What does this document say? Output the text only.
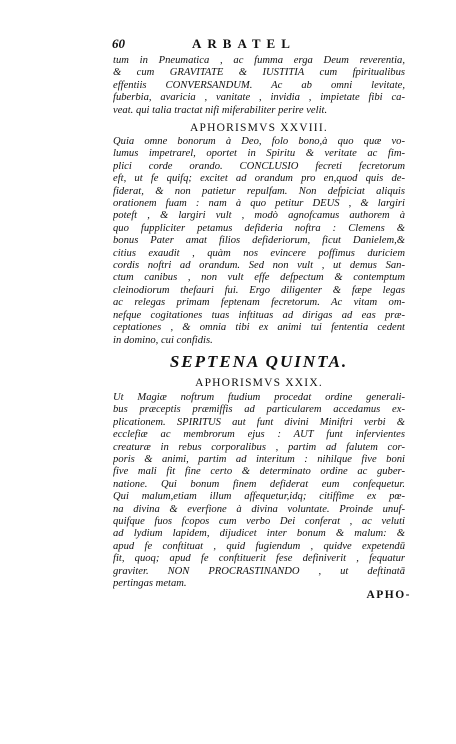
60	ARBATEL
tum in Pneumatica , ac fumma erga Deum reverentia,
& cum GRAVITATE & IUSTITIA cum fpiritualibus
effentiis CONVERSANDUM. Ac ab omni levitate,
fuberbia, avaricia , vanitate , invidia , impietate fibi ca-
veat. qui talia tractat nifi miferabiliter perire velit.
APHORISMVS XXVIII.
Quia omne bonorum à Deo, folo bono,à quo quæ vo-
lumus impetrarel, oportet in Spiritu & veritate ac fim-
plici corde orando. CONCLUSIO fecreti fecretorum
eft, ut fe quifq; excitet ad orandum pro en,quod quis de-
fiderat, & non patietur repulfam. Non defpiciat aliquis
orationem fuam : nam à quo petitur DEUS , & largiri
poteft , & largiri vult , modò agnofcamus authorem à
quo fuppliciter petamus defideria noftra : Clemens &
bonus Pater amat filios defideriorum, ficut Danielem,&
citius exaudit , quàm nos evincere poffimus duriciem
cordis noftri ad orandum. Sed non vult , ut demus San-
ctum canibus , non vult effe defpectum & contemptum
cleinodiorum thefauri fui. Ergo diligenter & fæpe legas
ac relegas primam feptenam fecretorum. Ac vitam om-
nefque cogitationes tuas inftituas ad dirigas ad eas præ-
ceptationes , & omnia tibi ex animi tui fententia cedent
in domino, cui confidis.
SEPTENA QUINTA.
APHORISMVS XXIX.
Ut Magiæ noftrum ftudium procedat ordine generali-
bus præceptis præmiffis ad particularem accedamus ex-
plicationem. SPIRITUS aut funt divini Miniftri verbi &
ecclefiæ ac membrorum ejus : AUT funt infervientes
creaturæ in rebus corporalibus , partim ad falutem cor-
poris & animi, partim ad interitum : nihilque five boni
five mali fit fine certo & determinato ordine ac guber-
natione. Qui bonum finem defiderat eum confequetur.
Qui malum,etiam illum affequetur,idq; citiffime ex pœ-
na divina & everfione à divina voluntate. Proinde unuf-
quifque fuos fcopos cum verbo Dei conferat , ac veluti
ad lydium lapidem, dijudicet inter bonum & malum: &
apud fe conftituat , quid fugiendum , quidve expetendū
fit, quoq; apud fe conftituerit fese definiverit , fequatur
graviter. NON PROCRASTINANDO , ut deftinatā
pertingas metam.
APHO-
